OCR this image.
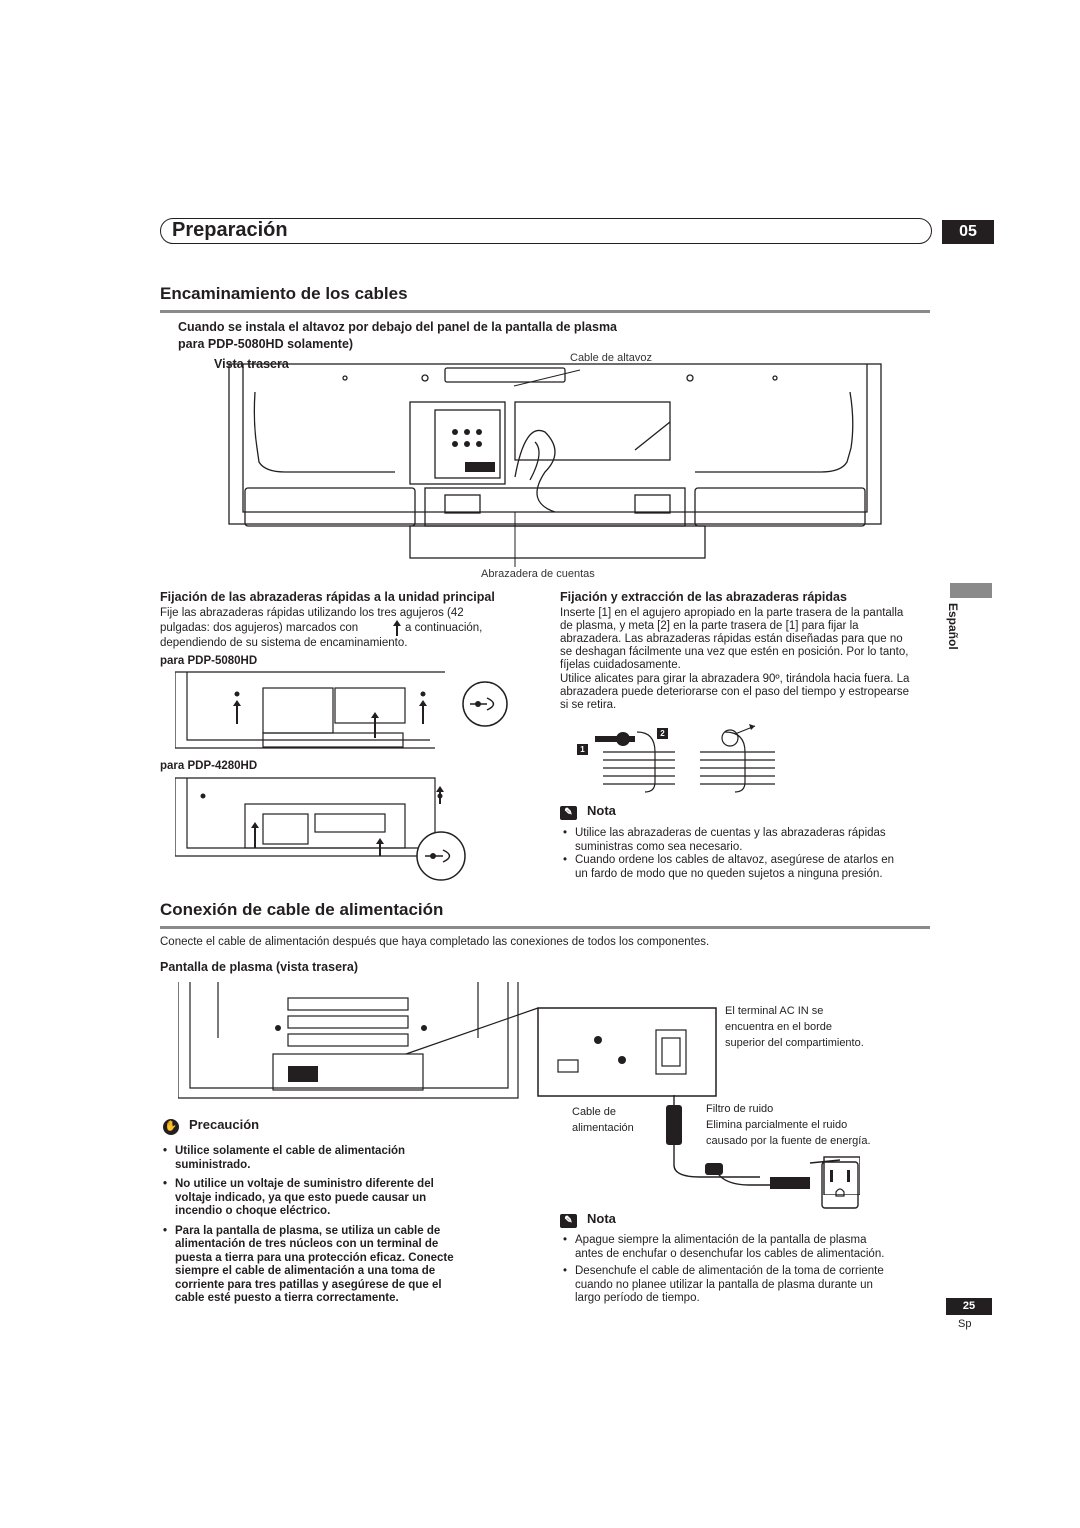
Preparación	05
Encaminamiento de los cables
Cuando se instala el altavoz por debajo del panel de la pantalla de plasma
para PDP-5080HD solamente)
Vista trasera	Cable de altavoz
Abrazadera de cuentas
Fijación de las abrazaderas rápidas a la unidad principal
Fije las abrazaderas rápidas utilizando los tres agujeros (42
pulgadas: dos agujeros) marcados con	a continuación,
dependiendo de su sistema de encaminamiento.
para PDP-5080HD
para PDP-4280HD
Fijación y extracción de las abrazaderas rápidas
Inserte [1] en el agujero apropiado en la parte trasera de la pantalla
de plasma, y meta [2] en la parte trasera de [1] para fijar la
abrazadera. Las abrazaderas rápidas están diseñadas para que no
se deshagan fácilmente una vez que estén en posición. Por lo tanto,
fíjelas cuidadosamente.
Utilice alicates para girar la abrazadera 90º, tirándola hacia fuera. La
abrazadera puede deteriorarse con el paso del tiempo y estropearse
si se retira.
1
2
✎ Nota
• Utilice las abrazaderas de cuentas y las abrazaderas rápidas
suministras como sea necesario.
• Cuando ordene los cables de altavoz, asegúrese de atarlos en
un fardo de modo que no queden sujetos a ninguna presión.
Español
Conexión de cable de alimentación
Conecte el cable de alimentación después que haya completado las conexiones de todos los componentes.
Pantalla de plasma (vista trasera)
El terminal AC IN se
encuentra en el borde
superior del compartimiento.
Cable de
alimentación
Filtro de ruido
Elimina parcialmente el ruido
causado por la fuente de energía.
✋ Precaución
• Utilice solamente el cable de alimentación
suministrado.
• No utilice un voltaje de suministro diferente del
voltaje indicado, ya que esto puede causar un
incendio o choque eléctrico.
• Para la pantalla de plasma, se utiliza un cable de
alimentación de tres núcleos con un terminal de
puesta a tierra para una protección eficaz. Conecte
siempre el cable de alimentación a una toma de
corriente para tres patillas y asegúrese de que el
cable esté puesto a tierra correctamente.
✎ Nota
• Apague siempre la alimentación de la pantalla de plasma
antes de enchufar o desenchufar los cables de alimentación.
• Desenchufe el cable de alimentación de la toma de corriente
cuando no planee utilizar la pantalla de plasma durante un
largo período de tiempo.
25
Sp
